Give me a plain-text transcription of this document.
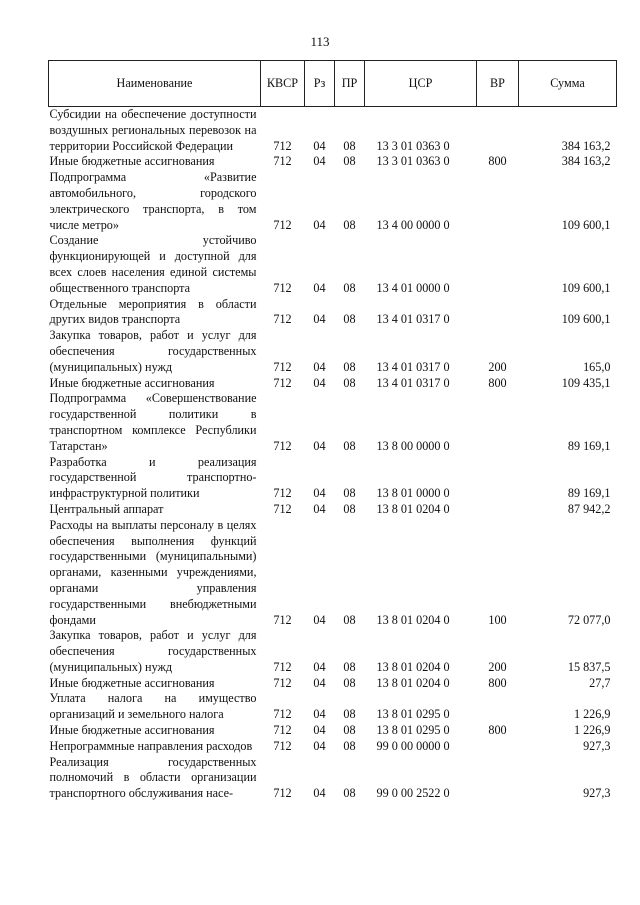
113
Наименование	КВСР	Рз	ПР	ЦСР	ВР	Сумма
Субсидии на обеспечение доступности воздушных региональных перевозок на территории Российской Федерации	712	04	08	13 3 01 0363 0		384 163,2
Иные бюджетные ассигнования	712	04	08	13 3 01 0363 0	800	384 163,2
Подпрограмма «Развитие автомобильного, городского электрического транспорта, в том числе метро»	712	04	08	13 4 00 0000 0		109 600,1
Создание устойчиво функционирующей и доступной для всех слоев населения единой системы общественного транспорта	712	04	08	13 4 01 0000 0		109 600,1
Отдельные мероприятия в области других видов транспорта	712	04	08	13 4 01 0317 0		109 600,1
Закупка товаров, работ и услуг для обеспечения государственных (муниципальных) нужд	712	04	08	13 4 01 0317 0	200	165,0
Иные бюджетные ассигнования	712	04	08	13 4 01 0317 0	800	109 435,1
Подпрограмма «Совершенствование государственной политики в транспортном комплексе Республики Татарстан»	712	04	08	13 8 00 0000 0		89 169,1
Разработка и реализация государственной транспортно-инфраструктурной политики	712	04	08	13 8 01 0000 0		89 169,1
Центральный аппарат	712	04	08	13 8 01 0204 0		87 942,2
Расходы на выплаты персоналу в целях обеспечения выполнения функций государственными (муниципальными) органами, казенными учреждениями, органами управления государственными внебюджетными фондами	712	04	08	13 8 01 0204 0	100	72 077,0
Закупка товаров, работ и услуг для обеспечения государственных (муниципальных) нужд	712	04	08	13 8 01 0204 0	200	15 837,5
Иные бюджетные ассигнования	712	04	08	13 8 01 0204 0	800	27,7
Уплата налога на имущество организаций и земельного налога	712	04	08	13 8 01 0295 0		1 226,9
Иные бюджетные ассигнования	712	04	08	13 8 01 0295 0	800	1 226,9
Непрограммные направления расходов	712	04	08	99 0 00 0000 0		927,3
Реализация государственных полномочий в области организации транспортного обслуживания насе-	712	04	08	99 0 00 2522 0		927,3
